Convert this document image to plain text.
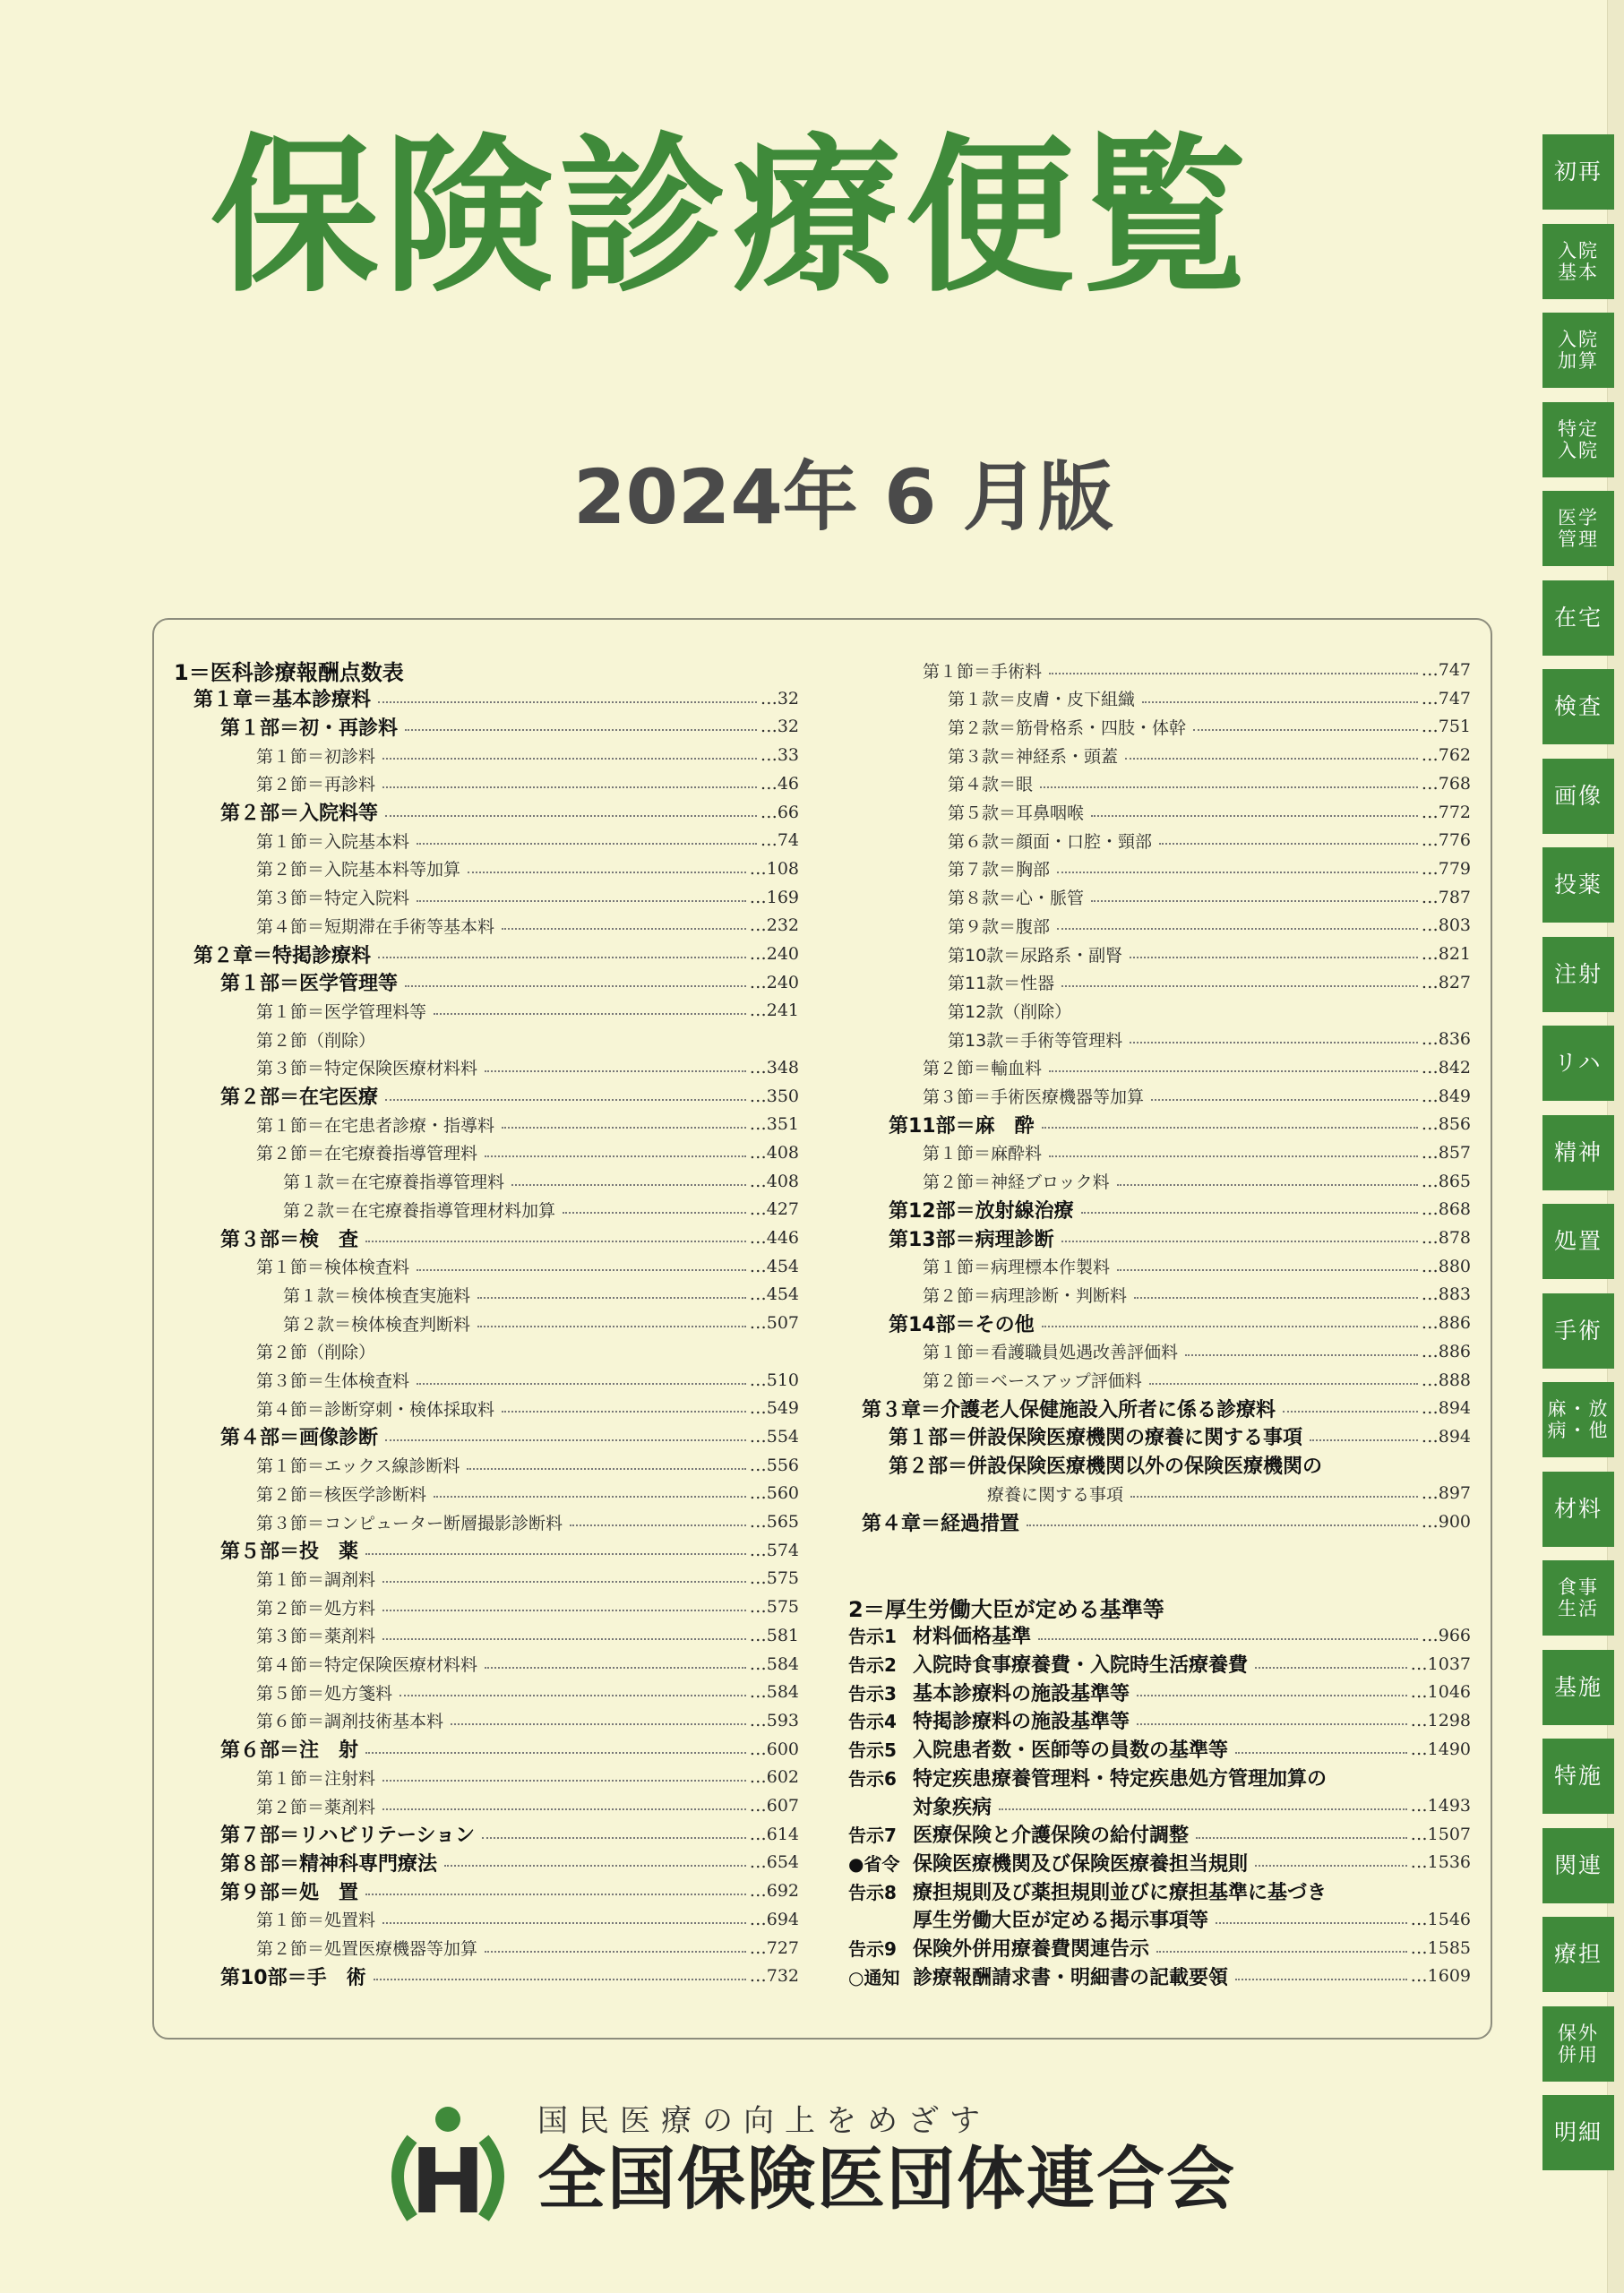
保険診療便覧
2024年 6 月版
初再
入院
基本
入院
加算
特定
入院
医学
管理
在宅
検査
画像
投薬
注射
リハ
精神
処置
手術
麻・放
病・他
材料
食事
生活
基施
特施
関連
療担
保外
併用
明細
1＝医科診療報酬点数表
第１章＝基本診療料	…32
第１部＝初・再診料	…32
第１節＝初診料	…33
第２節＝再診料	…46
第２部＝入院料等	…66
第１節＝入院基本料	…74
第２節＝入院基本料等加算	…108
第３節＝特定入院料	…169
第４節＝短期滞在手術等基本料	…232
第２章＝特掲診療料	…240
第１部＝医学管理等	…240
第１節＝医学管理料等	…241
第２節（削除）
第３節＝特定保険医療材料料	…348
第２部＝在宅医療	…350
第１節＝在宅患者診療・指導料	…351
第２節＝在宅療養指導管理料	…408
第１款＝在宅療養指導管理料	…408
第２款＝在宅療養指導管理材料加算	…427
第３部＝検　査	…446
第１節＝検体検査料	…454
第１款＝検体検査実施料	…454
第２款＝検体検査判断料	…507
第２節（削除）
第３節＝生体検査料	…510
第４節＝診断穿刺・検体採取料	…549
第４部＝画像診断	…554
第１節＝エックス線診断料	…556
第２節＝核医学診断料	…560
第３節＝コンピューター断層撮影診断料	…565
第５部＝投　薬	…574
第１節＝調剤料	…575
第２節＝処方料	…575
第３節＝薬剤料	…581
第４節＝特定保険医療材料料	…584
第５節＝処方箋料	…584
第６節＝調剤技術基本料	…593
第６部＝注　射	…600
第１節＝注射料	…602
第２節＝薬剤料	…607
第７部＝リハビリテーション	…614
第８部＝精神科専門療法	…654
第９部＝処　置	…692
第１節＝処置料	…694
第２節＝処置医療機器等加算	…727
第10部＝手　術	…732
第１節＝手術料	…747
第１款＝皮膚・皮下組織	…747
第２款＝筋骨格系・四肢・体幹	…751
第３款＝神経系・頭蓋	…762
第４款＝眼	…768
第５款＝耳鼻咽喉	…772
第６款＝顔面・口腔・頸部	…776
第７款＝胸部	…779
第８款＝心・脈管	…787
第９款＝腹部	…803
第10款＝尿路系・副腎	…821
第11款＝性器	…827
第12款（削除）
第13款＝手術等管理料	…836
第２節＝輸血料	…842
第３節＝手術医療機器等加算	…849
第11部＝麻　酔	…856
第１節＝麻酔料	…857
第２節＝神経ブロック料	…865
第12部＝放射線治療	…868
第13部＝病理診断	…878
第１節＝病理標本作製料	…880
第２節＝病理診断・判断料	…883
第14部＝その他	…886
第１節＝看護職員処遇改善評価料	…886
第２節＝ベースアップ評価料	…888
第３章＝介護老人保健施設入所者に係る診療料	…894
第１部＝併設保険医療機関の療養に関する事項	…894
第２部＝併設保険医療機関以外の保険医療機関の
療養に関する事項	…897
第４章＝経過措置	…900
2＝厚生労働大臣が定める基準等
告示1 材料価格基準	…966
告示2 入院時食事療養費・入院時生活療養費	…1037
告示3 基本診療料の施設基準等	…1046
告示4 特掲診療料の施設基準等	…1298
告示5 入院患者数・医師等の員数の基準等	…1490
告示6 特定疾患療養管理料・特定疾患処方管理加算の
対象疾病	…1493
告示7 医療保険と介護保険の給付調整	…1507
●省令 保険医療機関及び保険医療養担当規則	…1536
告示8 療担規則及び薬担規則並びに療担基準に基づき
厚生労働大臣が定める掲示事項等	…1546
告示9 保険外併用療養費関連告示	…1585
○通知 診療報酬請求書・明細書の記載要領	…1609
H
国民医療の向上をめざす
全国保険医団体連合会
